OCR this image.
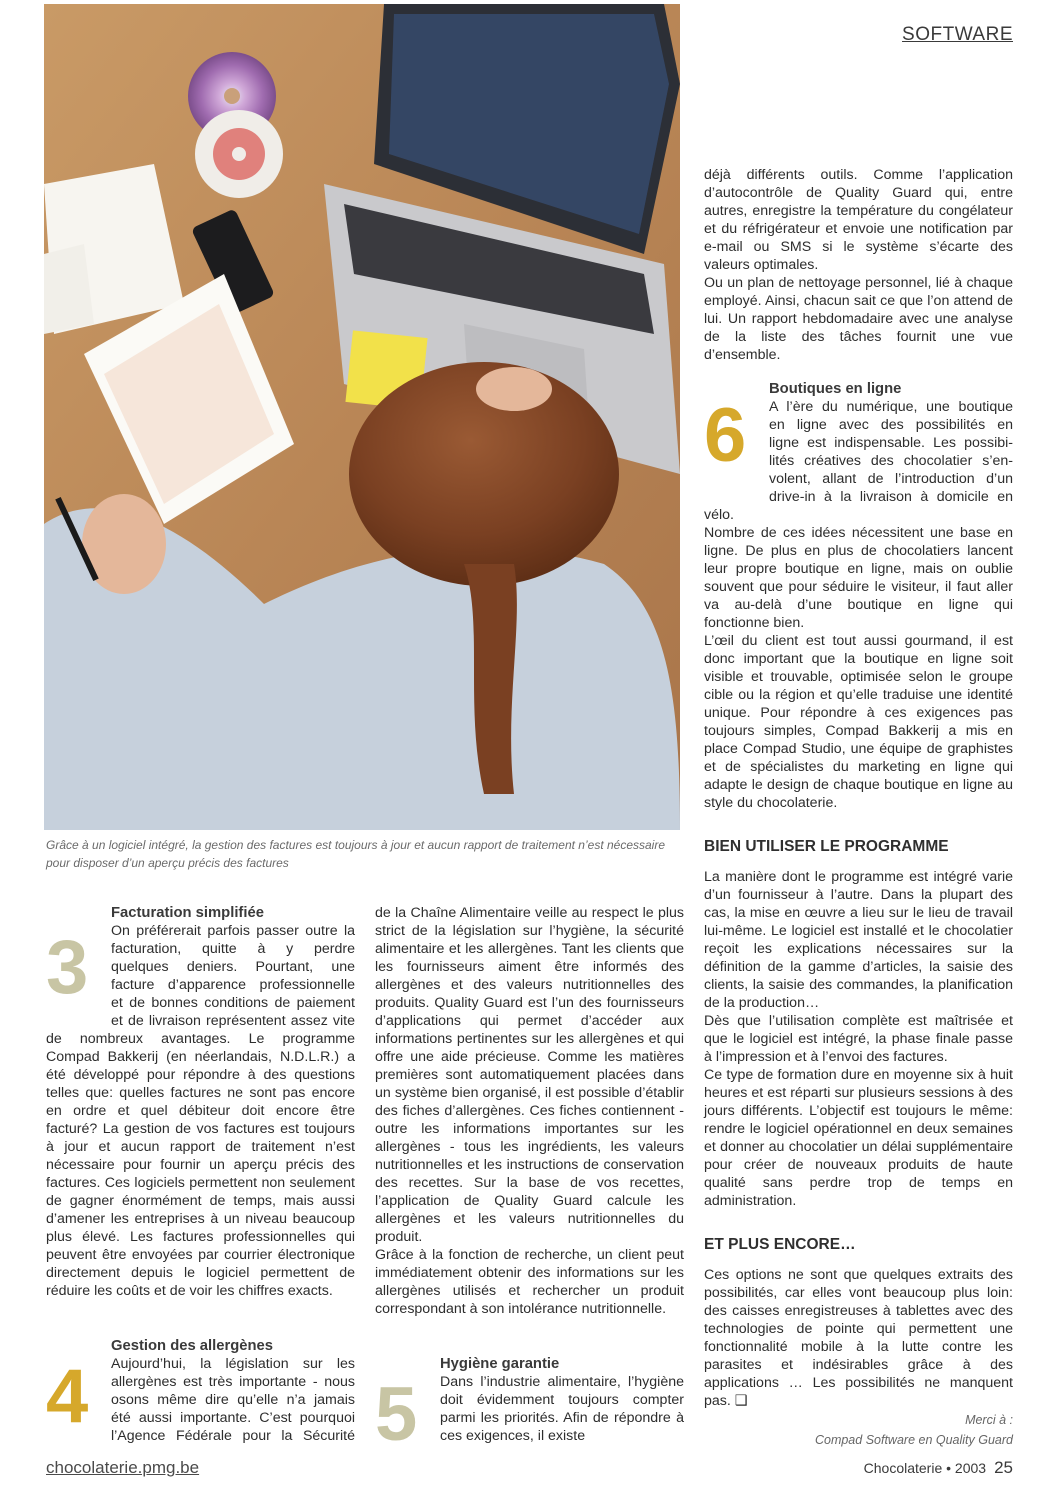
Grâce à un logiciel intégré, la gestion des factures est toujours à jour et aucun rapport de traitement n’est nécessaire pour disposer d’un aperçu précis des factures
SOFTWARE
3
Facturation simplifiée
On préférerait parfois passer outre la
facturation, quitte à y perdre
quelques deniers. Pourtant, une
facture d’apparence professionnelle
et de bonnes conditions de paiement
et de livraison représentent assez vite

de nombreux avantages. Le programme Compad Bakkerij (en néerlandais, N.D.L.R.) a été développé pour répondre à des questions telles que: quelles factures ne sont pas encore en ordre et quel débiteur doit encore être facturé? La gestion de vos factures est toujours à jour et aucun rapport de traitement n’est nécessaire pour fournir un aperçu précis des factures. Ces logiciels permettent non seulement de gagner énormément de temps, mais aussi d’amener les entreprises à un niveau beaucoup plus élevé. Les factures professionnelles qui peuvent être envoyées par courrier électronique directement depuis le logiciel permettent de réduire les coûts et de voir les chiffres exacts.

4
Gestion des allergènes
Aujourd’hui, la législation sur les
allergènes est très importante - nous
osons même dire qu’elle n’a jamais
été aussi importante. C’est pourquoi
l’Agence Fédérale pour la Sécurité

de la Chaîne Alimentaire veille au respect le plus strict de la législation sur l’hygiène, la sécurité alimentaire et les allergènes. Tant les clients que les fournisseurs aiment être informés des allergènes et des valeurs nutritionnelles des produits. Quality Guard est l’un des fournisseurs d’applications qui permet d’accéder aux informations pertinentes sur les allergènes et qui offre une aide précieuse. Comme les matières premières sont automatiquement placées dans un système bien organisé, il est possible d’établir des fiches d’allergènes. Ces fiches contiennent - outre les informations importantes sur les allergènes - tous les ingrédients, les valeurs nutritionnelles et les instructions de conservation des recettes. Sur la base de vos recettes, l’application de Quality Guard calcule les allergènes et les valeurs nutritionnelles du produit.

Grâce à la fonction de recherche, un client peut immédiatement obtenir des informations sur les allergènes utilisés et rechercher un produit correspondant à son intolérance nutritionnelle.

5
Hygiène garantie
Dans l’industrie alimentaire, l’hygiène doit évidemment toujours compter parmi les priorités. Afin de répondre à ces exigences, il existe

déjà différents outils. Comme l’application d’autocontrôle de Quality Guard qui, entre autres, enregistre la température du congélateur et du réfrigérateur et envoie une notification par e-mail ou SMS si le système s’écarte des valeurs optimales.

Ou un plan de nettoyage personnel, lié à chaque employé. Ainsi, chacun sait ce que l’on attend de lui. Un rapport hebdomadaire avec une analyse de la liste des tâches fournit une vue d’ensemble.

6
Boutiques en ligne
A l’ère du numérique, une boutique
en ligne avec des possibilités en
ligne est indispensable. Les possibi-
lités créatives des chocolatier s’en-
volent, allant de l’introduction d’un
drive-in à la livraison à domicile en

vélo.

Nombre de ces idées nécessitent une base en ligne. De plus en plus de chocolatiers lancent leur propre boutique en ligne, mais on oublie souvent que pour séduire le visiteur, il faut aller va au-delà d’une boutique en ligne qui fonctionne bien.

L’œil du client est tout aussi gourmand, il est donc important que la boutique en ligne soit visible et trouvable, optimisée selon le groupe cible ou la région et qu’elle traduise une identité unique. Pour répondre à ces exigences pas toujours simples, Compad Bakkerij a mis en place Compad Studio, une équipe de graphistes et de spécialistes du marketing en ligne qui adapte le design de chaque boutique en ligne au style du chocolaterie.

BIEN UTILISER LE PROGRAMME

La manière dont le programme est intégré varie d’un fournisseur à l’autre. Dans la plupart des cas, la mise en œuvre a lieu sur le lieu de travail lui-même. Le logiciel est installé et le chocolatier reçoit les explications nécessaires sur la définition de la gamme d’articles, la saisie des clients, la saisie des commandes, la planification de la production…

Dès que l’utilisation complète est maîtrisée et que le logiciel est intégré, la phase finale passe à l’impression et à l’envoi des factures.

Ce type de formation dure en moyenne six à huit heures et est réparti sur plusieurs sessions à des jours différents. L’objectif est toujours le même: rendre le logiciel opérationnel en deux semaines et donner au chocolatier un délai supplémentaire pour créer de nouveaux produits de haute qualité sans perdre trop de temps en administration.

ET PLUS ENCORE…

Ces options ne sont que quelques extraits des possibilités, car elles vont beaucoup plus loin: des caisses enregistreuses à tablettes avec des technologies de pointe qui permettent une fonctionnalité mobile à la lutte contre les parasites et indésirables grâce à des applications … Les possibilités ne manquent pas. ❑

Merci à :
Compad Software en Quality Guard
chocolaterie.pmg.be	Chocolaterie • 2003 25
